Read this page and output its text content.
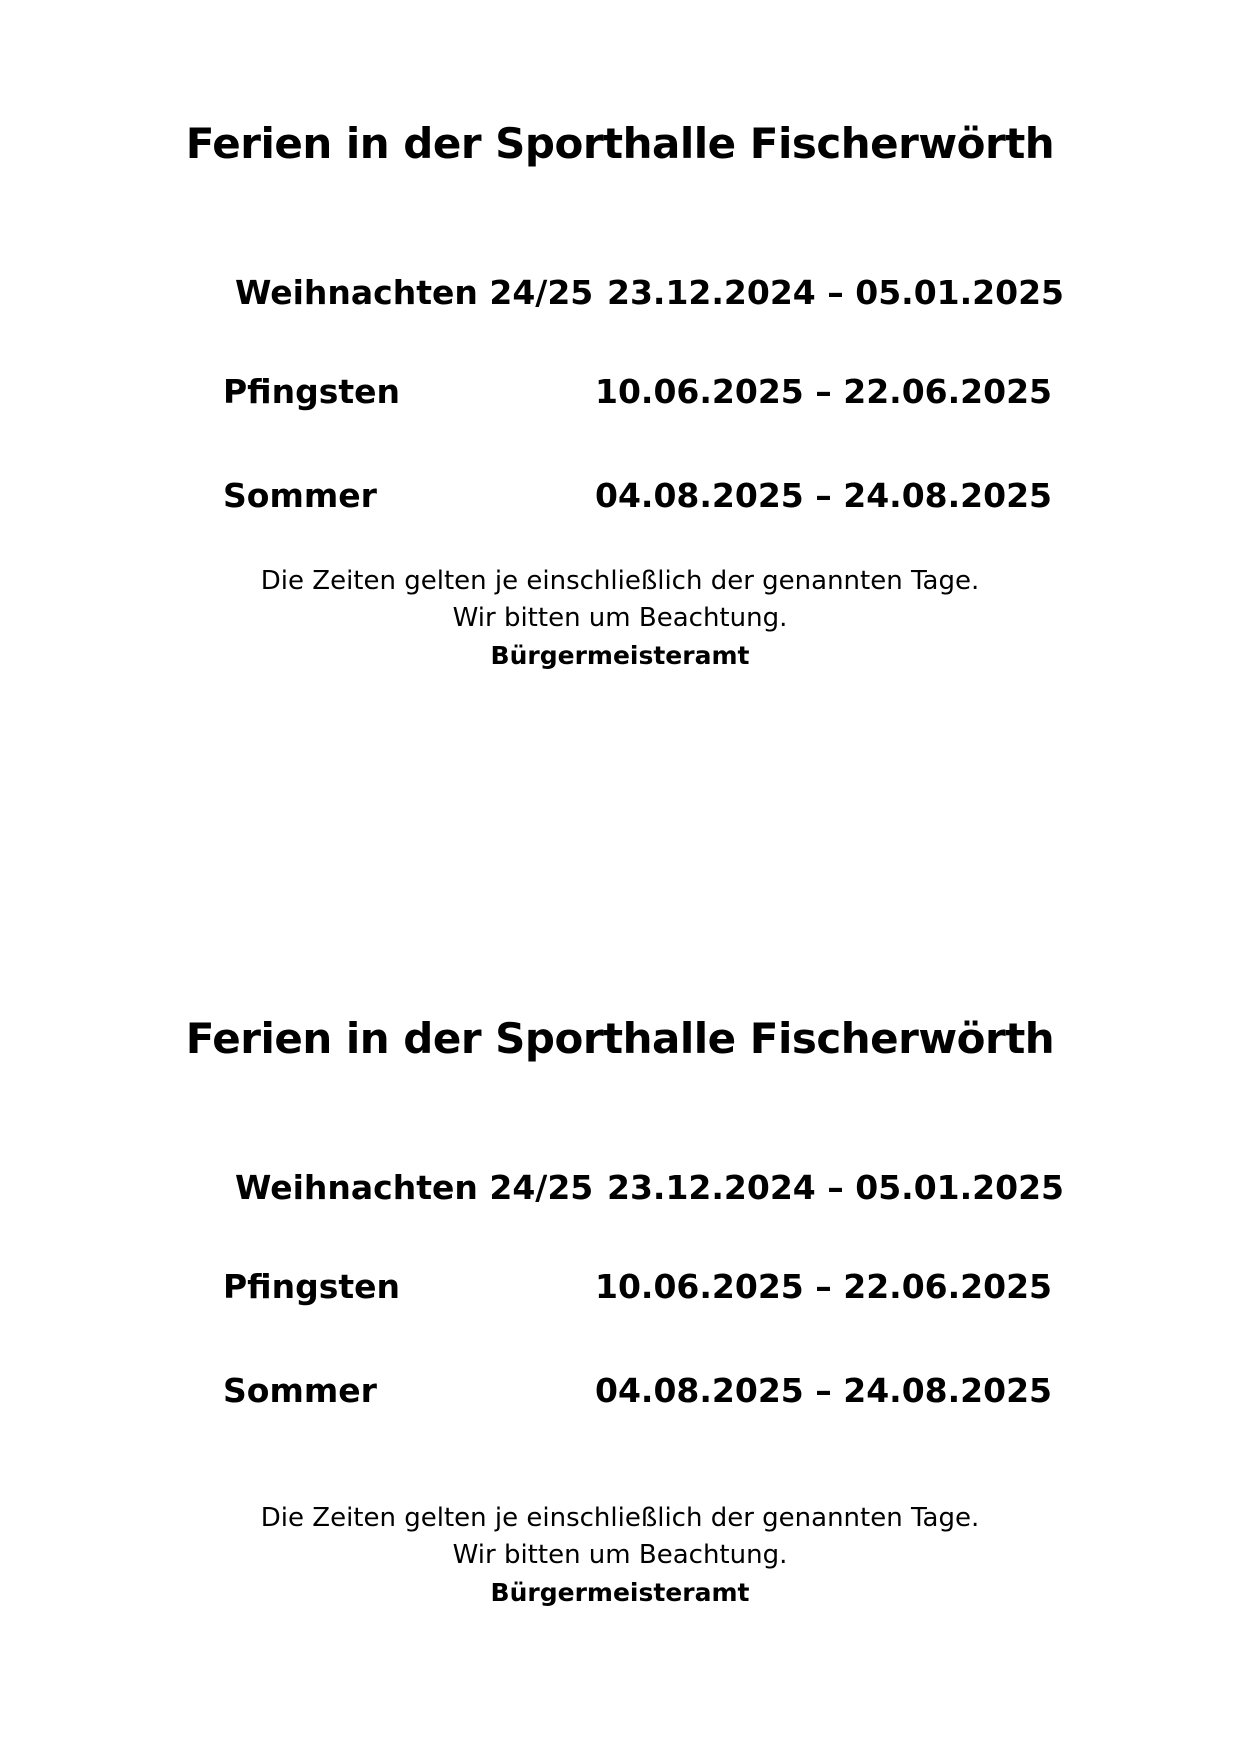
Ferien in der Sporthalle Fischerwörth
Weihnachten 24/25 23.12.2024 – 05.01.2025
Pfingsten	10.06.2025 – 22.06.2025
Sommer	04.08.2025 – 24.08.2025

Die Zeiten gelten je einschließlich der genannten Tage.

Wir bitten um Beachtung.

Bürgermeisteramt

Ferien in der Sporthalle Fischerwörth
Weihnachten 24/25 23.12.2024 – 05.01.2025
Pfingsten	10.06.2025 – 22.06.2025
Sommer	04.08.2025 – 24.08.2025

Die Zeiten gelten je einschließlich der genannten Tage.

Wir bitten um Beachtung.

Bürgermeisteramt
